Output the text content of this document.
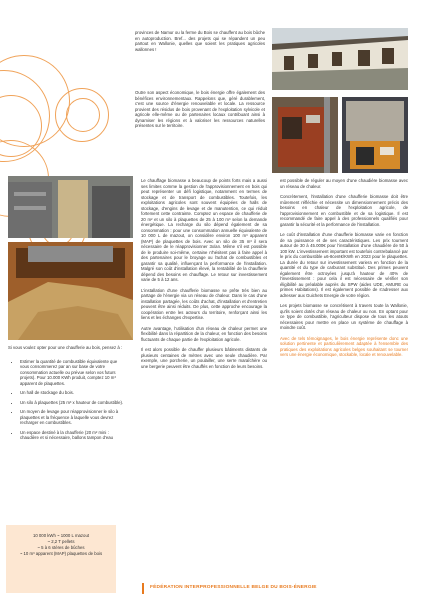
provinces de Namur ou la ferme du Bois se chauffent au bois bûche en autoproduction. Bref... des projets qui se répandent un peu partout en Wallonie, quelles que soient les pratiques agricoles wallonnes !
Outre son aspect économique, le bois énergie offre également des bénéfices environnementaux. Rappelons que, géré durablement, c'est une source d'énergie renouvelable et locale. La ressource provient des résidus de bois provenant de l'exploitation sylvicole et agricole elle-même ou de partenaires locaux contribuant ainsi à dynamiser les régions et à valoriser les ressources naturelles présentes sur le territoire.

Si vous voulez opter pour une chaufferie au bois, pensez à :

• Estimer la quantité de combustible équivalente que vous consommerez par an sur base de votre consommation actuelle ou prévue selon vos futurs projets). Pour 10.000 KWh produit, comptez 10 m³ apparent de plaquettes.
• Un hall de stockage du bois.
• Un silo à plaquettes (25 m³ x hauteur de combustible).
• Un moyen de levage pour réapprovisionner le silo à plaquettes et la fréquence à laquelle vous devrez recharger en combustibles.
• Un espace destiné à la chaufferie (20 m² mini : chaudière et si nécessaire, ballons tampon d'eau
10 000 kWh ~ 1000 L mazout
~ 2,2 T pellets
~ 5 à 6 stères de bûches
~ 10 m³ apparent (MAP) plaquettes de bois

Le chauffage biomasse a beaucoup de points forts mais a aussi ses limites comme la gestion de l'approvisionnement en bois qui peut représenter un défi logistique, notamment en termes de stockage et de transport de combustibles. Toutefois, les exploitations agricoles sont souvent équipées de halls de stockage, d'engins de levage et de manutention, ce qui réduit fortement cette contrainte. Comptez un espace de chaufferie de 20 m² et un silo à plaquettes de 25 à 100 m³ selon la demande énergétique. La recharge du silo dépend également de sa consommation : pour une consommation annuelle équivalente de 10 000 L de mazout, on considère environ 100 m³ apparent (MAP) de plaquettes de bois. Avec un silo de 35 m³ il sera nécessaire de le réapprovisionner 3x/an. Même s'il est possible de le produire soi-même, certaine n'hésitent pas à faire appel à des partenaires pour le broyage ou l'achat de combustibles et garantir sa qualité, influençant la performance de l'installation. Malgré son coût d'installation élevé, la rentabilité de la chaufferie dépend des besoins en chauffage. Le retour sur investissement varie de 5 à 12 ans.

L'installation d'une chaufferie biomasse se prête très bien au partage de l'énergie via un réseau de chaleur. Dans le cas d'une installation partagée, les coûts d'achat, d'installation et d'entretien peuvent être ainsi réduits. De plus, cette approche encourage la coopération entre les acteurs du territoire, renforçant ainsi les liens et les échanges d'expertise.

Autre avantage, l'utilisation d'un réseau de chaleur permet une flexibilité dans la répartition de la chaleur, en fonction des besoins fluctuants de chaque partie de l'exploitation agricole.

Il est alors possible de chauffer plusieurs bâtiments distants de plusieurs centaines de mètres avec une seule chaudière. Par exemple, une porcherie, un poulailler, une serre maraîchère ou une bergerie peuvent être chauffés en fonction de leurs besoins.

est possible de réguler au moyen d'une chaudière biomasse avec un réseau de chaleur.

Concrètement, l'installation d'une chaufferie biomasse doit être mûrement réfléchie et nécessite un dimensionnement précis des besoins en chaleur de l'exploitation agricole, de l'approvisionnement en combustible et de sa logistique. Il est recommandé de faire appel à des professionnels qualifiés pour garantir la sécurité et la performance de l'installation.

Le coût d'installation d'une chaufferie biomasse varie en fonction de sa puissance et de ses caractéristiques. Les prix tournent autour de 30 à 45.000€ pour l'installation d'une chaudière de 50 à 100 kW. L'investissement important est toutefois contrebalancé par le prix du combustible ±6-8cent€/KWh en 2023 pour le plaquettes. La durée du retour sur investissement variera en fonction de la quantité et du type de carburant substitué. Des primes peuvent également être octroyées jusqu'à hauteur de 40% de l'investissement : pour cela il est nécessaire de vérifier son éligibilité au préalable auprès du SPW (aides UDE, AMURE ou primes Habitations). Il est également possible de s'adresser aux adresser aux Guichets Energie de votre région.

Les projets biomasse se concrétisent à travers toute la Wallonie, qu'ils soient dotés d'un réseau de chaleur ou non. En optant pour ce type de combustible, l'agriculteur dispose de tous les atouts nécessaires pour mettre en place un système de chauffage à moindre coût.

Avec de tels témoignages, le bois énergie représente donc une solution pertinente et particulièrement adaptée à l'ensemble des pratiques des exploitations agricoles belges souhaitant se tourner vers une énergie économique, stockable, locale et renouvelable.

FÉDÉRATION INTERPROFESSIONNELLE BELGE DU BOIS-ÉNERGIE
